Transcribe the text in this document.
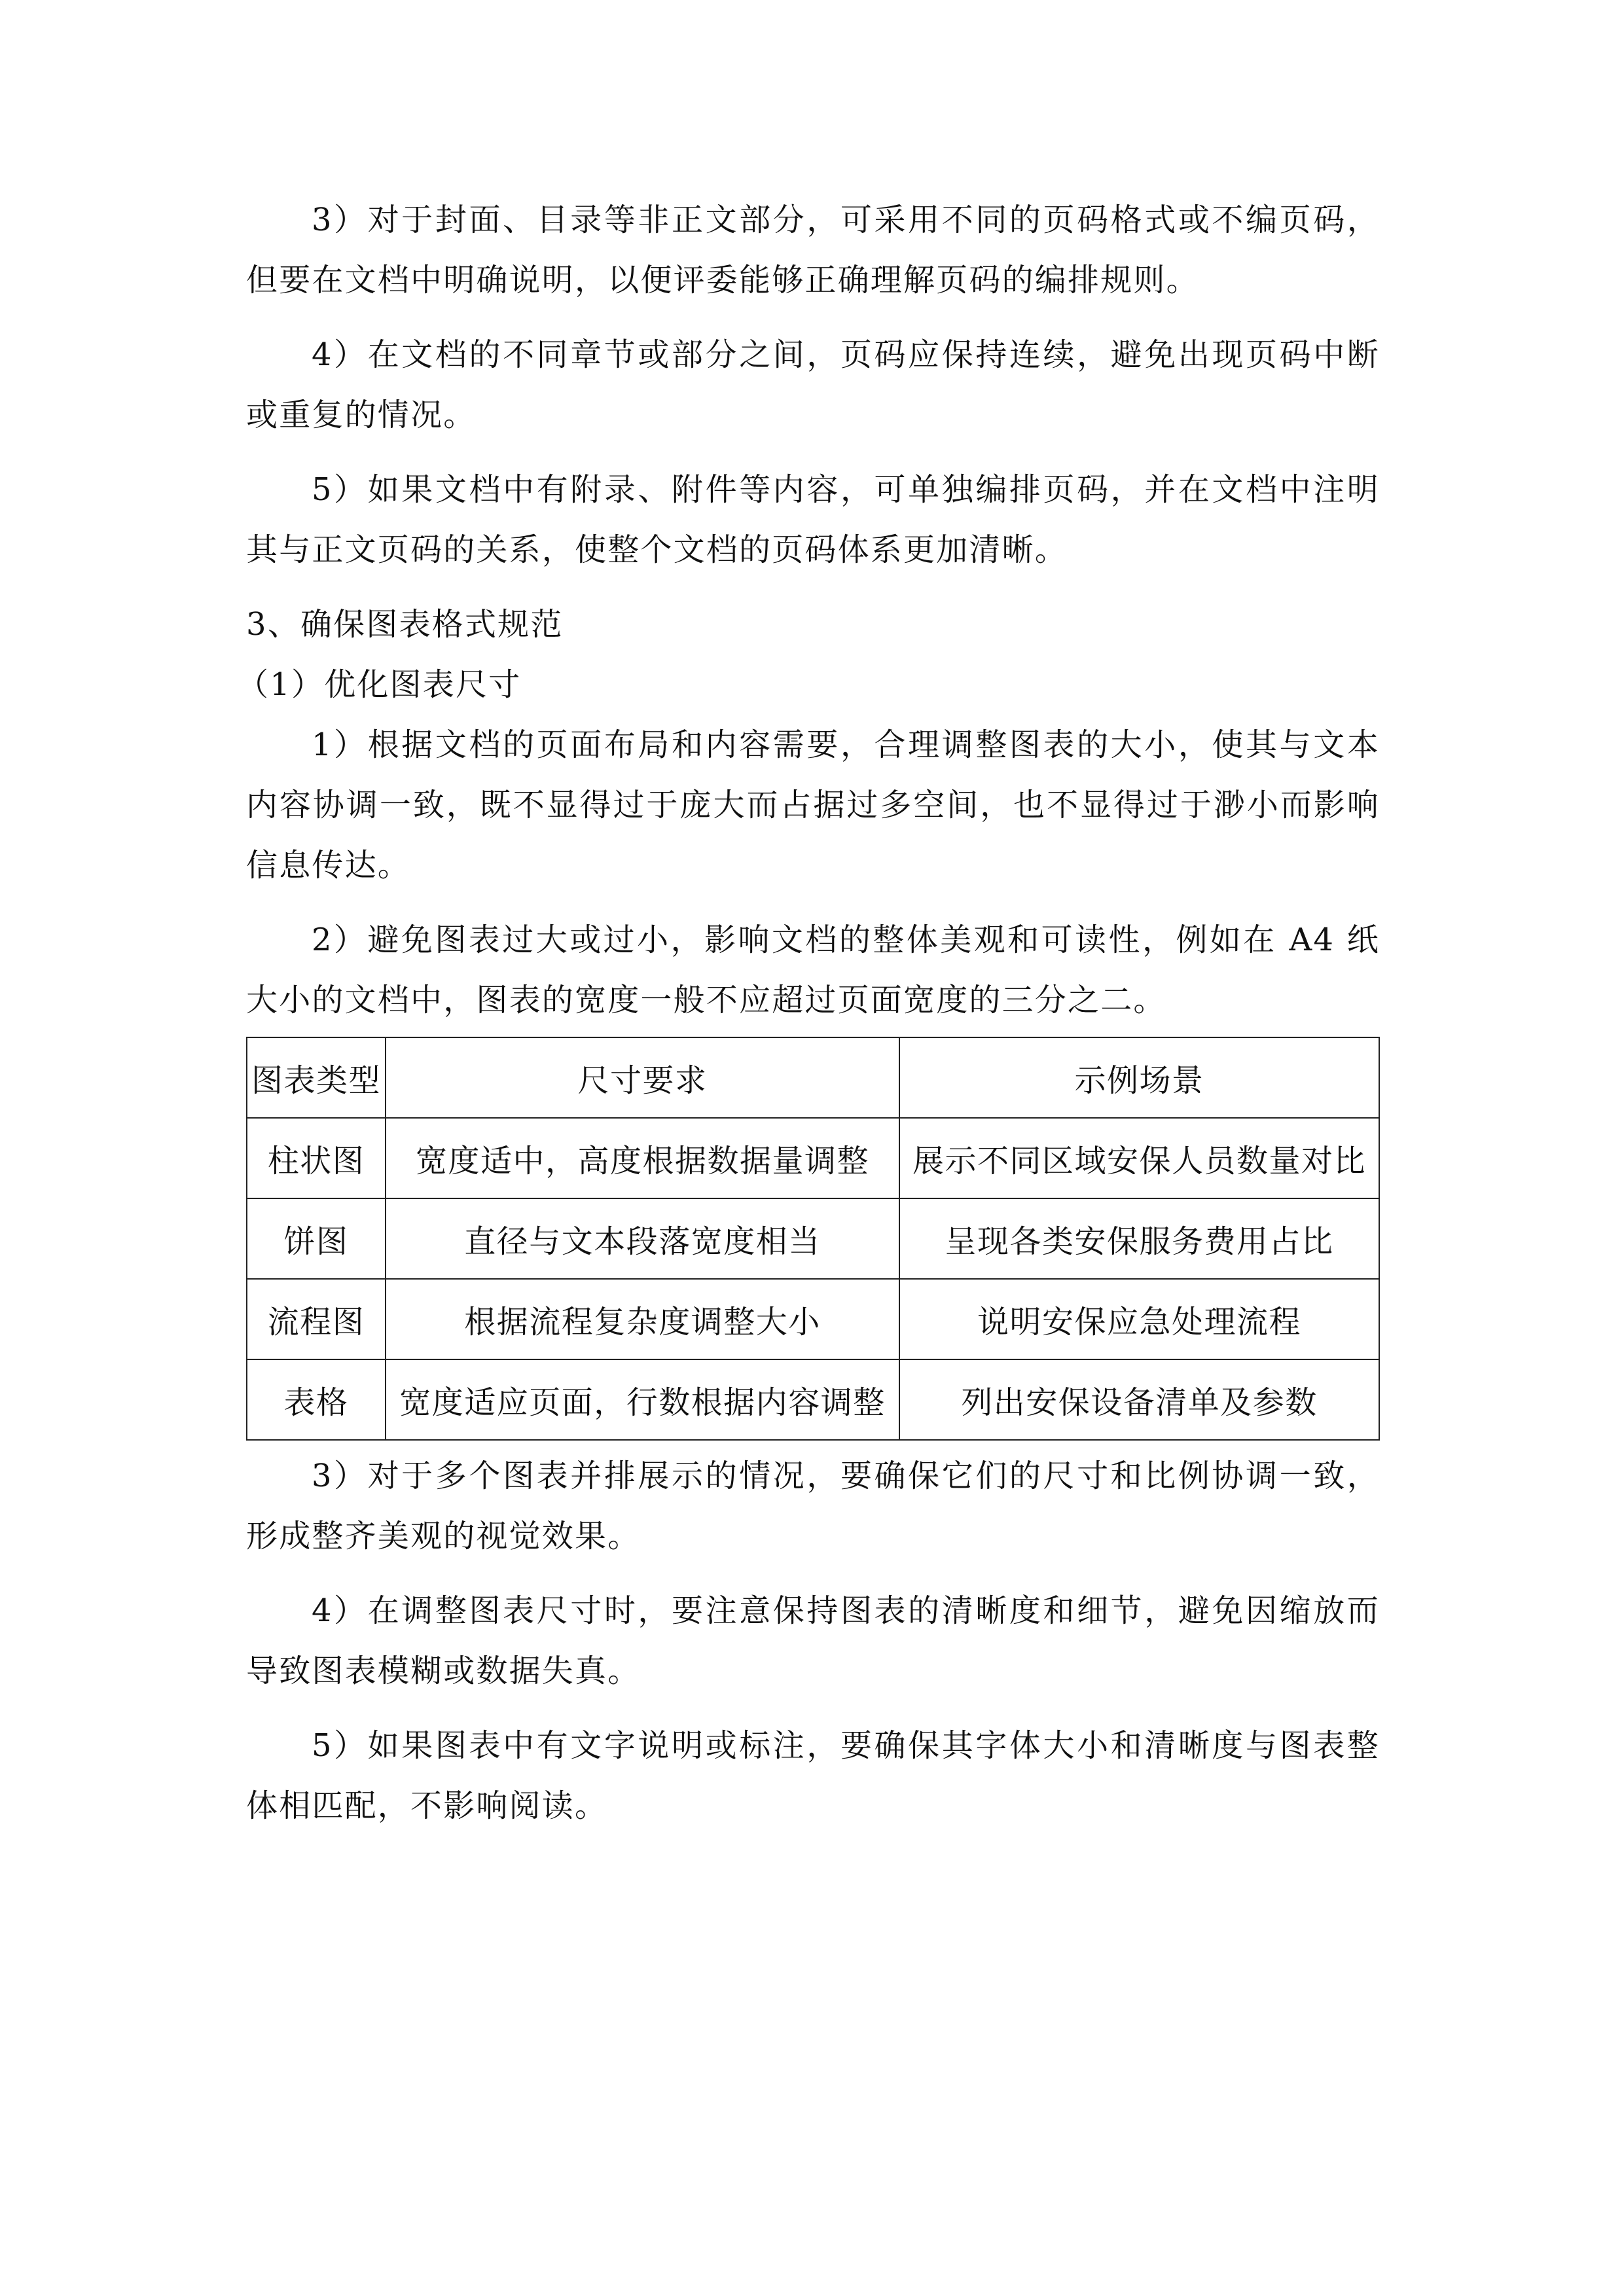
3）对于封面、目录等非正文部分，可采用不同的页码格式或不编页码，但要在文档中明确说明，以便评委能够正确理解页码的编排规则。

4）在文档的不同章节或部分之间，页码应保持连续，避免出现页码中断或重复的情况。

5）如果文档中有附录、附件等内容，可单独编排页码，并在文档中注明其与正文页码的关系，使整个文档的页码体系更加清晰。

3、确保图表格式规范

（1）优化图表尺寸

1）根据文档的页面布局和内容需要，合理调整图表的大小，使其与文本内容协调一致，既不显得过于庞大而占据过多空间，也不显得过于渺小而影响信息传达。

2）避免图表过大或过小，影响文档的整体美观和可读性，例如在 A4 纸大小的文档中，图表的宽度一般不应超过页面宽度的三分之二。

图表类型	尺寸要求	示例场景
柱状图	宽度适中，高度根据数据量调整	展示不同区域安保人员数量对比
饼图	直径与文本段落宽度相当	呈现各类安保服务费用占比
流程图	根据流程复杂度调整大小	说明安保应急处理流程
表格	宽度适应页面，行数根据内容调整	列出安保设备清单及参数

3）对于多个图表并排展示的情况，要确保它们的尺寸和比例协调一致，形成整齐美观的视觉效果。

4）在调整图表尺寸时，要注意保持图表的清晰度和细节，避免因缩放而导致图表模糊或数据失真。

5）如果图表中有文字说明或标注，要确保其字体大小和清晰度与图表整体相匹配，不影响阅读。
